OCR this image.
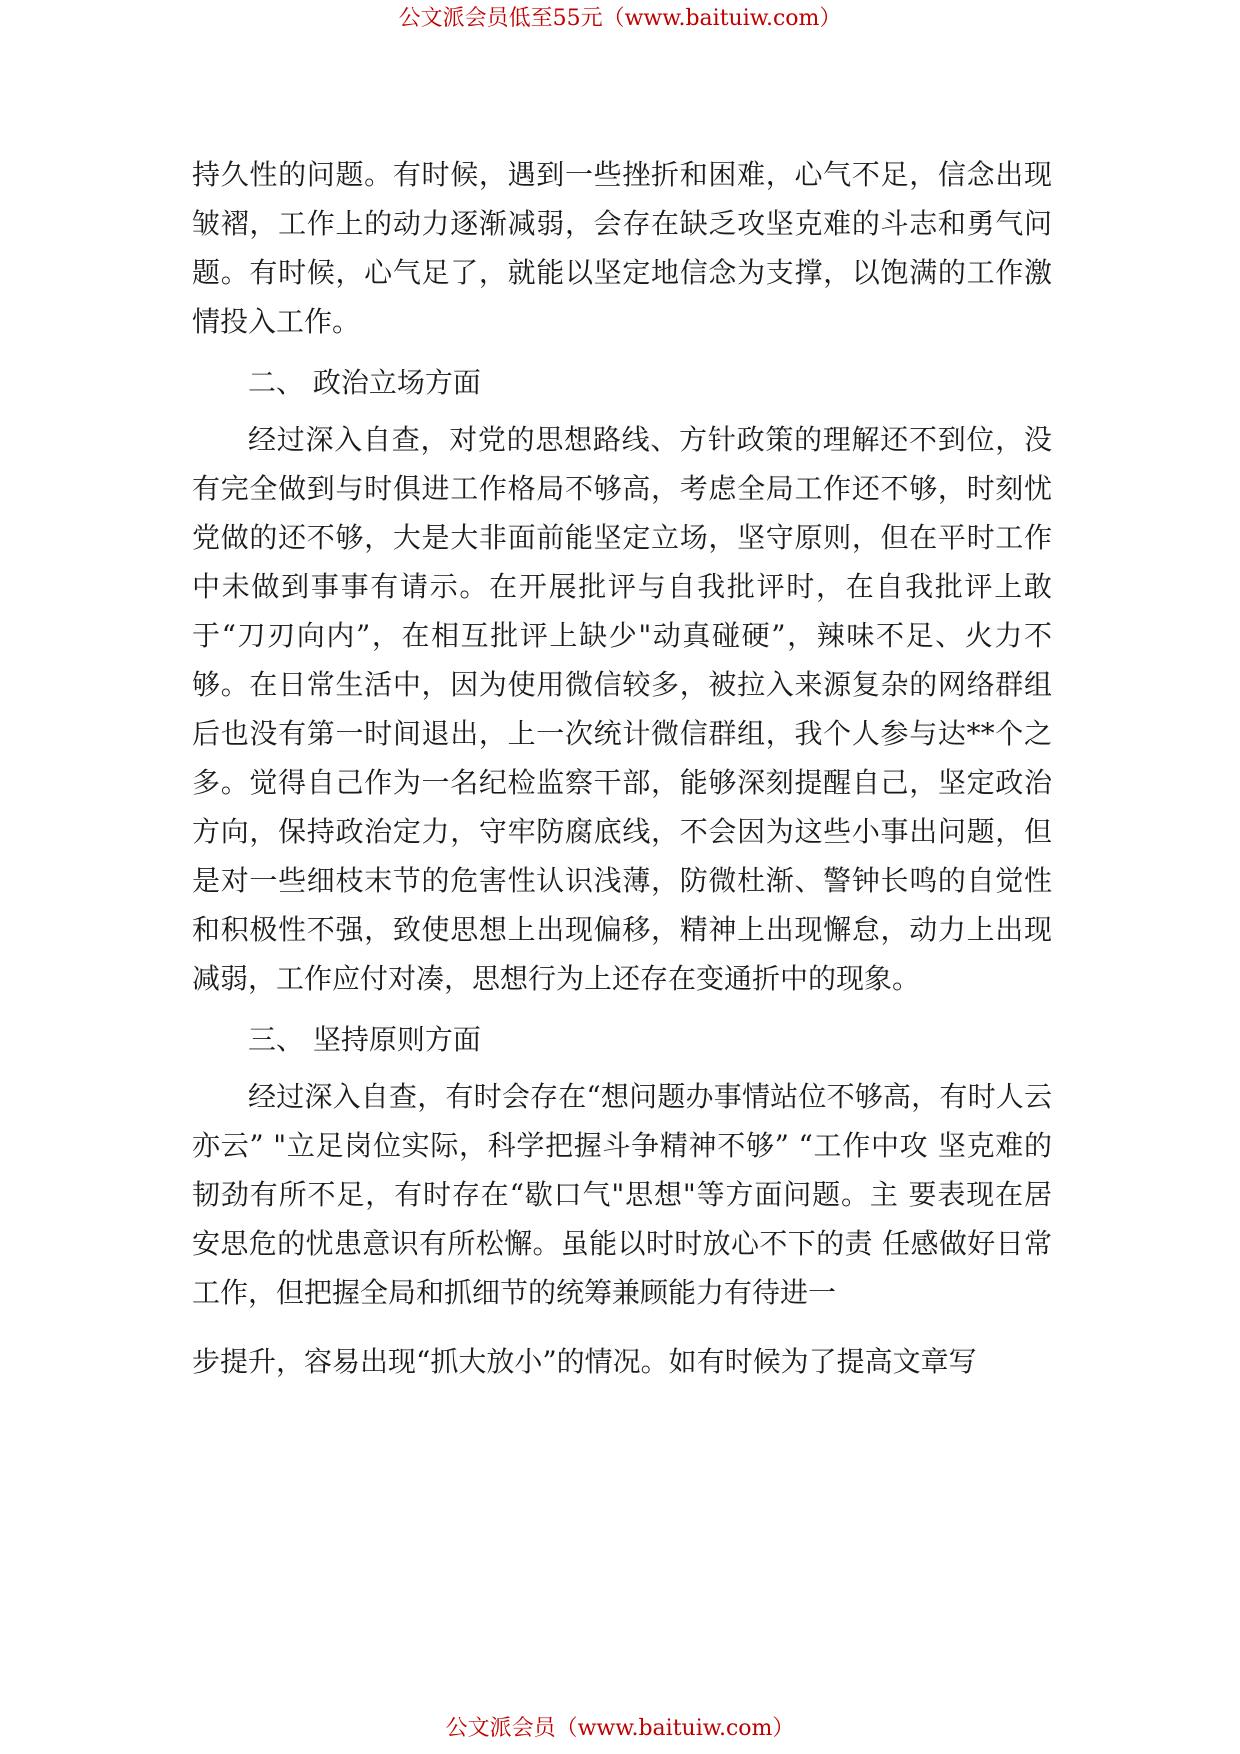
公文派会员低至55元（www.baituiw.com）

持久性的问题。有时候，遇到一些挫折和困难，心气不足，信念出现皱褶，工作上的动力逐渐减弱，会存在缺乏攻坚克难的斗志和勇气问题。有时候，心气足了，就能以坚定地信念为支撑，以饱满的工作激情投入工作。

二、 政治立场方面

经过深入自查，对党的思想路线、方针政策的理解还不到位，没有完全做到与时俱进工作格局不够高，考虑全局工作还不够，时刻忧党做的还不够，大是大非面前能坚定立场，坚守原则，但在平时工作中未做到事事有请示。在开展批评与自我批评时，在自我批评上敢于“刀刃向内”，在相互批评上缺少"动真碰硬”，辣味不足、火力不够。在日常生活中，因为使用微信较多，被拉入来源复杂的网络群组后也没有第一时间退出，上一次统计微信群组，我个人参与达**个之多。觉得自己作为一名纪检监察干部，能够深刻提醒自己，坚定政治方向，保持政治定力，守牢防腐底线，不会因为这些小事出问题，但是对一些细枝末节的危害性认识浅薄，防微杜渐、警钟长鸣的自觉性和积极性不强，致使思想上出现偏移，精神上出现懈怠，动力上出现减弱，工作应付对凑，思想行为上还存在变通折中的现象。

三、 坚持原则方面

经过深入自查，有时会存在“想问题办事情站位不够高，有时人云亦云” "立足岗位实际，科学把握斗争精神不够” “工作中攻 坚克难的韧劲有所不足，有时存在“歇口气"思想"等方面问题。主 要表现在居安思危的忧患意识有所松懈。虽能以时时放心不下的责 任感做好日常工作，但把握全局和抓细节的统筹兼顾能力有待进一

步提升，容易出现“抓大放小”的情况。如有时候为了提高文章写

公文派会员（www.baituiw.com）
